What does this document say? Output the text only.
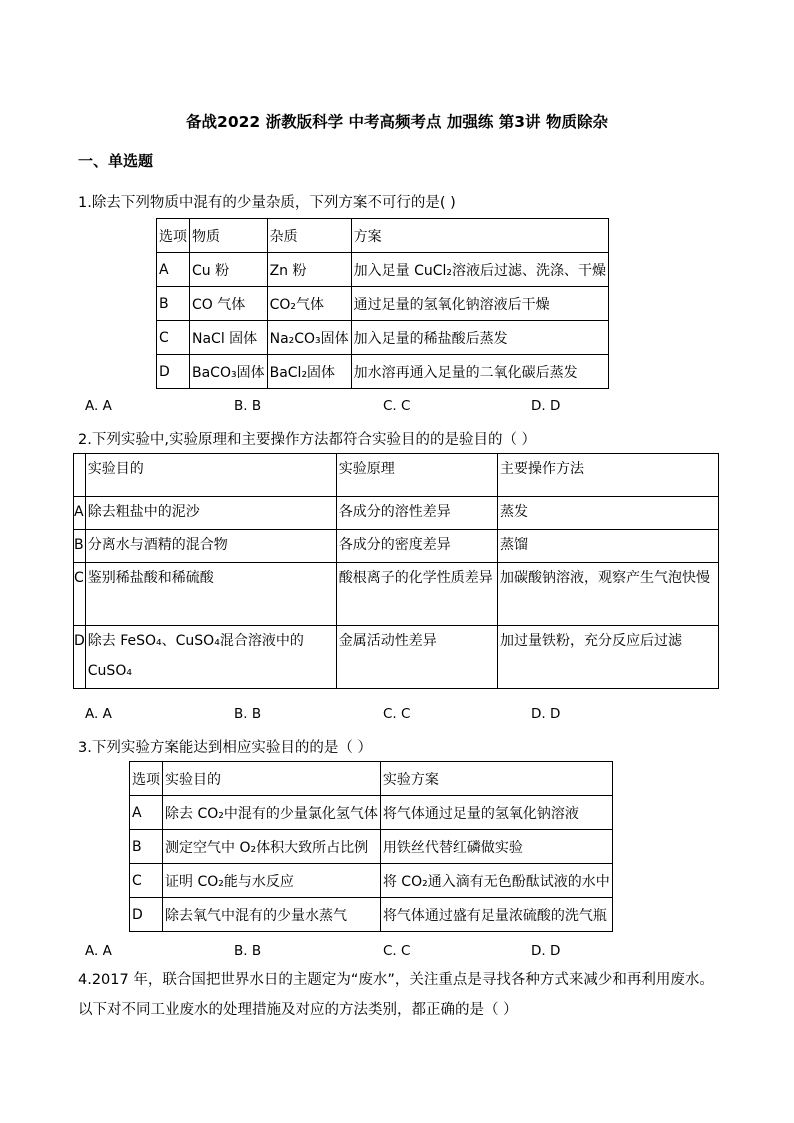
备战2022 浙教版科学 中考高频考点 加强练 第3讲 物质除杂
一、单选题
1.除去下列物质中混有的少量杂质，下列方案不可行的是( )
选项	物质	杂质	方案
A	Cu 粉	Zn 粉	加入足量 CuCl₂溶液后过滤、洗涤、干燥
B	CO 气体	CO₂气体	通过足量的氢氧化钠溶液后干燥
C	NaCl 固体	Na₂CO₃固体	加入足量的稀盐酸后蒸发
D	BaCO₃固体	BaCl₂固体	加水溶再通入足量的二氧化碳后蒸发
A. A	B. B	C. C	D. D
2.下列实验中,实验原理和主要操作方法都符合实验目的的是验目的（ ）
	实验目的	实验原理	主要操作方法
A	除去粗盐中的泥沙	各成分的溶性差异	蒸发
B	分离水与酒精的混合物	各成分的密度差异	蒸馏
C	鉴别稀盐酸和稀硫酸	酸根离子的化学性质差异	加碳酸钠溶液，观察产生气泡快慢
D	除去 FeSO₄、CuSO₄混合溶液中的CuSO₄	金属活动性差异	加过量铁粉，充分反应后过滤
A. A	B. B	C. C	D. D
3.下列实验方案能达到相应实验目的的是（ ）
选项	实验目的	实验方案
A	除去 CO₂中混有的少量氯化氢气体	将气体通过足量的氢氧化钠溶液
B	测定空气中 O₂体积大致所占比例	用铁丝代替红磷做实验
C	证明 CO₂能与水反应	将 CO₂通入滴有无色酚酞试液的水中
D	除去氧气中混有的少量水蒸气	将气体通过盛有足量浓硫酸的洗气瓶
A. A	B. B	C. C	D. D
4.2017 年，联合国把世界水日的主题定为“废水”，关注重点是寻找各种方式来减少和再利用废水。以下对不同工业废水的处理措施及对应的方法类别，都正确的是（ ）
